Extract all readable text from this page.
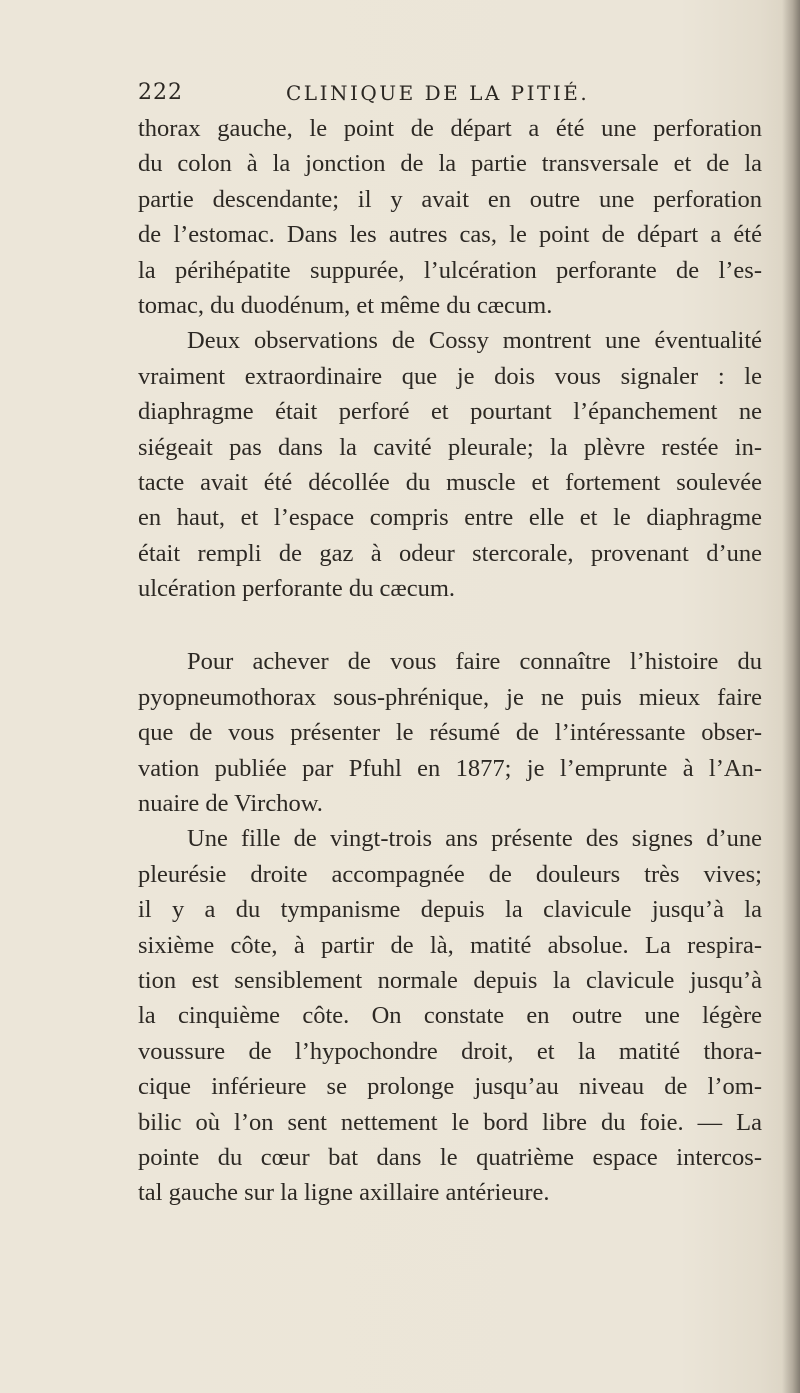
222	CLINIQUE DE LA PITIÉ.
thorax gauche, le point de départ a été une perforation
du colon à la jonction de la partie transversale et de la
partie descendante; il y avait en outre une perforation
de l’estomac. Dans les autres cas, le point de départ a été
la périhépatite suppurée, l’ulcération perforante de l’es-
tomac, du duodénum, et même du cæcum.
Deux observations de Cossy montrent une éventualité
vraiment extraordinaire que je dois vous signaler : le
diaphragme était perforé et pourtant l’épanchement ne
siégeait pas dans la cavité pleurale; la plèvre restée in-
tacte avait été décollée du muscle et fortement soulevée
en haut, et l’espace compris entre elle et le diaphragme
était rempli de gaz à odeur stercorale, provenant d’une
ulcération perforante du cæcum.
Pour achever de vous faire connaître l’histoire du
pyopneumothorax sous-phrénique, je ne puis mieux faire
que de vous présenter le résumé de l’intéressante obser-
vation publiée par Pfuhl en 1877; je l’emprunte à l’An-
nuaire de Virchow.
Une fille de vingt-trois ans présente des signes d’une
pleurésie droite accompagnée de douleurs très vives;
il y a du tympanisme depuis la clavicule jusqu’à la
sixième côte, à partir de là, matité absolue. La respira-
tion est sensiblement normale depuis la clavicule jusqu’à
la cinquième côte. On constate en outre une légère
voussure de l’hypochondre droit, et la matité thora-
cique inférieure se prolonge jusqu’au niveau de l’om-
bilic où l’on sent nettement le bord libre du foie. — La
pointe du cœur bat dans le quatrième espace intercos-
tal gauche sur la ligne axillaire antérieure.
